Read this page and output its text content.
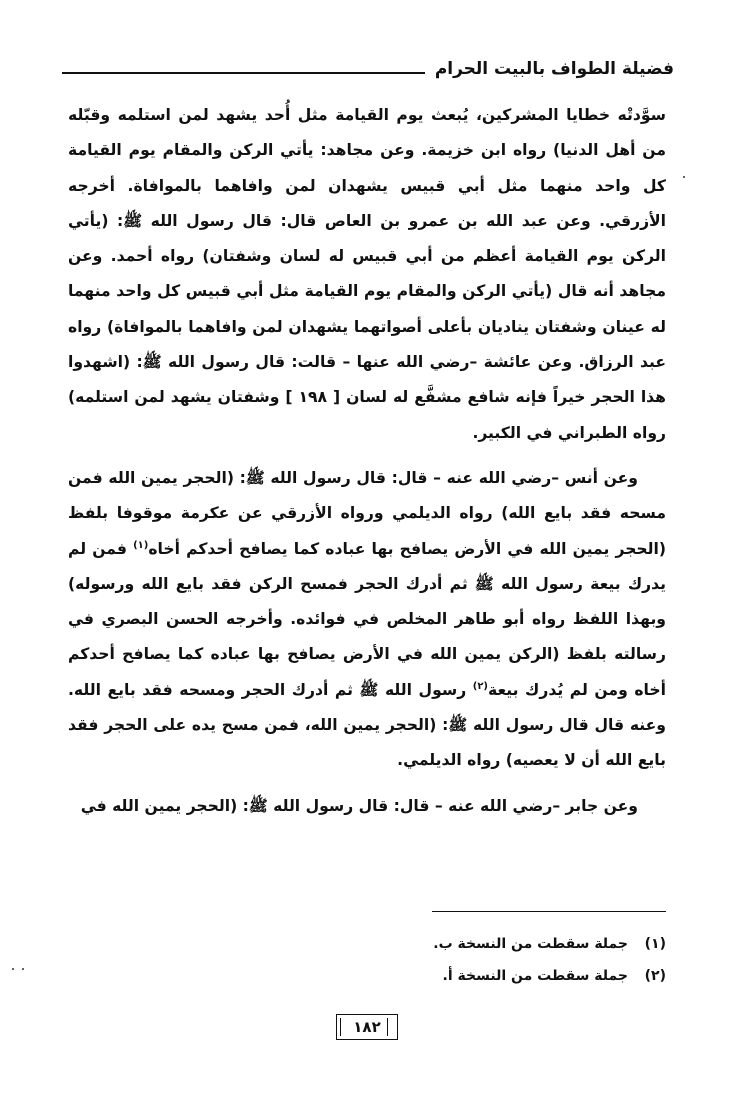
فضيلة الطواف بالبيت الحرام

سوَّدتْه خطايا المشركين، يُبعث يوم القيامة مثل أُحد يشهد لمن استلمه وقبّله من أهل الدنيا) رواه ابن خزيمة. وعن مجاهد: يأتي الركن والمقام يوم القيامة كل واحد منهما مثل أبي قبيس يشهدان لمن وافاهما بالموافاة. أخرجه الأزرقي. وعن عبد الله بن عمرو بن العاص قال: قال رسول الله ﷺ: (يأتي الركن يوم القيامة أعظم من أبي قبيس له لسان وشفتان) رواه أحمد. وعن مجاهد أنه قال (يأتي الركن والمقام يوم القيامة مثل أبي قبيس كل واحد منهما له عينان وشفتان يناديان بأعلى أصواتهما يشهدان لمن وافاهما بالموافاة) رواه عبد الرزاق. وعن عائشة –رضي الله عنها – قالت: قال رسول الله ﷺ: (اشهدوا هذا الحجر خيراً فإنه شافع مشفَّع له لسان [ ١٩٨ ] وشفتان يشهد لمن استلمه) رواه الطبراني في الكبير.

وعن أنس –رضي الله عنه – قال: قال رسول الله ﷺ: (الحجر يمين الله فمن مسحه فقد بايع الله) رواه الديلمي ورواه الأزرقي عن عكرمة موقوفا بلفظ (الحجر يمين الله في الأرض يصافح بها عباده كما يصافح أحدكم أخاه$^{(١)}$ فمن لم يدرك بيعة رسول الله ﷺ ثم أدرك الحجر فمسح الركن فقد بايع الله ورسوله) وبهذا اللفظ رواه أبو طاهر المخلص في فوائده. وأخرجه الحسن البصري في رسالته بلفظ (الركن يمين الله في الأرض يصافح بها عباده كما يصافح أحدكم أخاه ومن لم يُدرك بيعة$^{(٢)}$ رسول الله ﷺ ثم أدرك الحجر ومسحه فقد بايع الله. وعنه قال قال رسول الله ﷺ: (الحجر يمين الله، فمن مسح يده على الحجر فقد بايع الله أن لا يعصيه) رواه الديلمي.

وعن جابر –رضي الله عنه – قال: قال رسول الله ﷺ: (الحجر يمين الله في

(١)
جملة سقطت من النسخة ب.
(٢)
جملة سقطت من النسخة أ.
١٨٢
